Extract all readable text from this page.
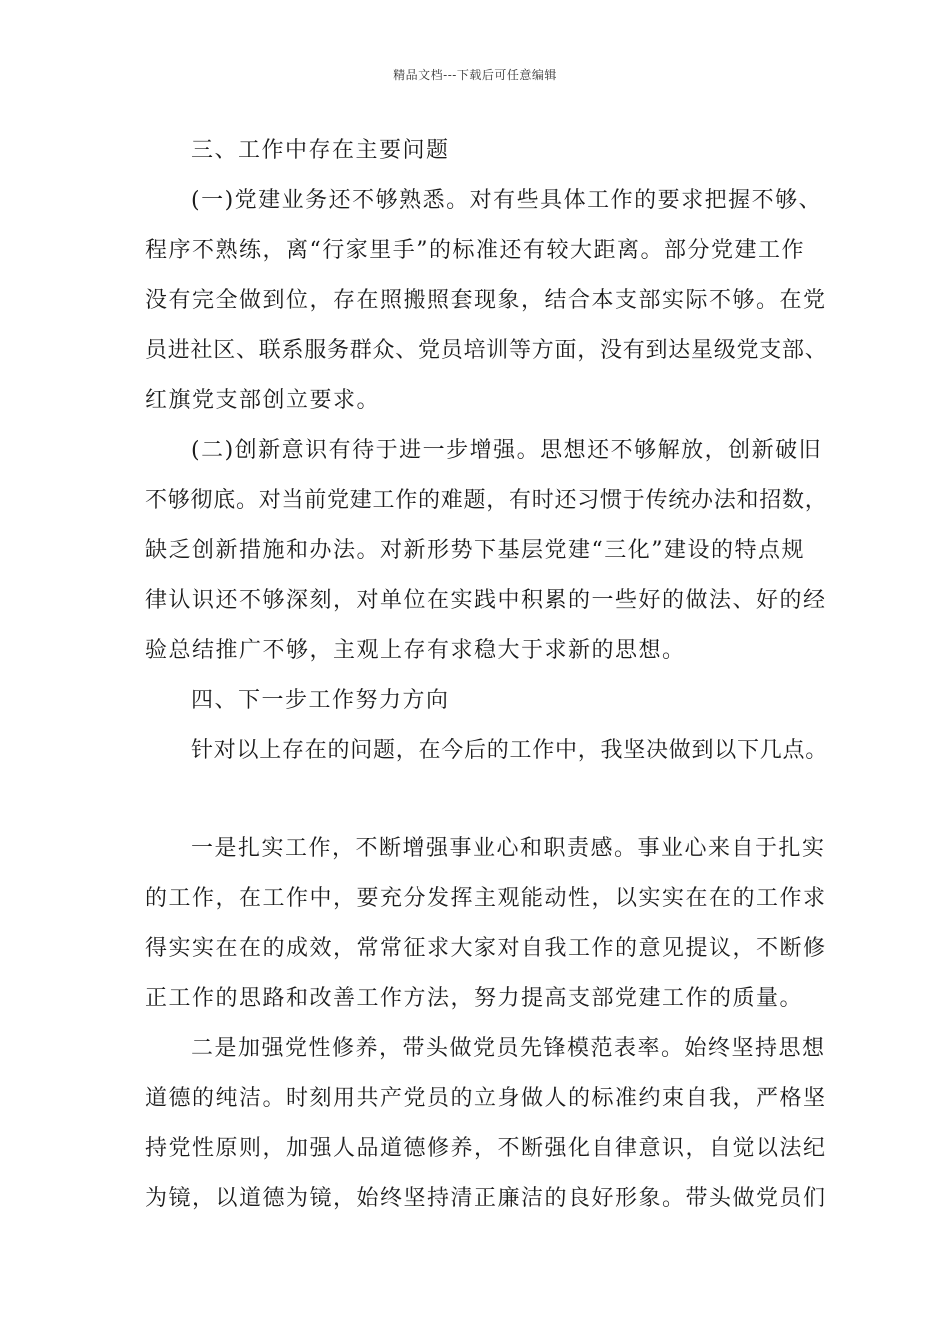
精品文档---下载后可任意编辑

三、工作中存在主要问题

(一)党建业务还不够熟悉。对有些具体工作的要求把握不够、

程序不熟练，离“行家里手”的标准还有较大距离。部分党建工作

没有完全做到位，存在照搬照套现象，结合本支部实际不够。在党

员进社区、联系服务群众、党员培训等方面，没有到达星级党支部、

红旗党支部创立要求。

(二)创新意识有待于进一步增强。思想还不够解放，创新破旧

不够彻底。对当前党建工作的难题，有时还习惯于传统办法和招数，

缺乏创新措施和办法。对新形势下基层党建“三化”建设的特点规

律认识还不够深刻，对单位在实践中积累的一些好的做法、好的经

验总结推广不够，主观上存有求稳大于求新的思想。

四、下一步工作努力方向

针对以上存在的问题，在今后的工作中，我坚决做到以下几点。

一是扎实工作，不断增强事业心和职责感。事业心来自于扎实

的工作，在工作中，要充分发挥主观能动性，以实实在在的工作求

得实实在在的成效，常常征求大家对自我工作的意见提议，不断修

正工作的思路和改善工作方法，努力提高支部党建工作的质量。

二是加强党性修养，带头做党员先锋模范表率。始终坚持思想

道德的纯洁。时刻用共产党员的立身做人的标准约束自我，严格坚

持党性原则，加强人品道德修养，不断强化自律意识，自觉以法纪

为镜，以道德为镜，始终坚持清正廉洁的良好形象。带头做党员们
